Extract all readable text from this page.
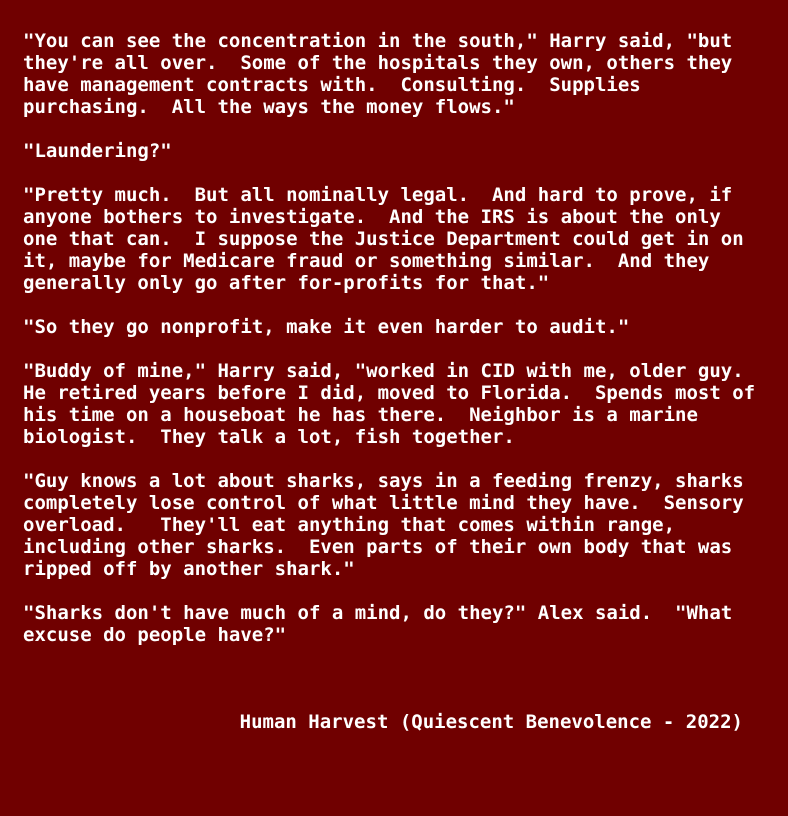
"You can see the concentration in the south," Harry said, "but
they're all over.  Some of the hospitals they own, others they
have management contracts with.  Consulting.  Supplies
purchasing.  All the ways the money flows."
"Laundering?"
"Pretty much.  But all nominally legal.  And hard to prove, if
anyone bothers to investigate.  And the IRS is about the only
one that can.  I suppose the Justice Department could get in on
it, maybe for Medicare fraud or something similar.  And they
generally only go after for-profits for that."
"So they go nonprofit, make it even harder to audit."
"Buddy of mine," Harry said, "worked in CID with me, older guy.
He retired years before I did, moved to Florida.  Spends most of
his time on a houseboat he has there.  Neighbor is a marine
biologist.  They talk a lot, fish together.
"Guy knows a lot about sharks, says in a feeding frenzy, sharks
completely lose control of what little mind they have.  Sensory
overload.   They'll eat anything that comes within range,
including other sharks.  Even parts of their own body that was
ripped off by another shark."
"Sharks don't have much of a mind, do they?" Alex said.  "What
excuse do people have?"
Human Harvest (Quiescent Benevolence - 2022)
